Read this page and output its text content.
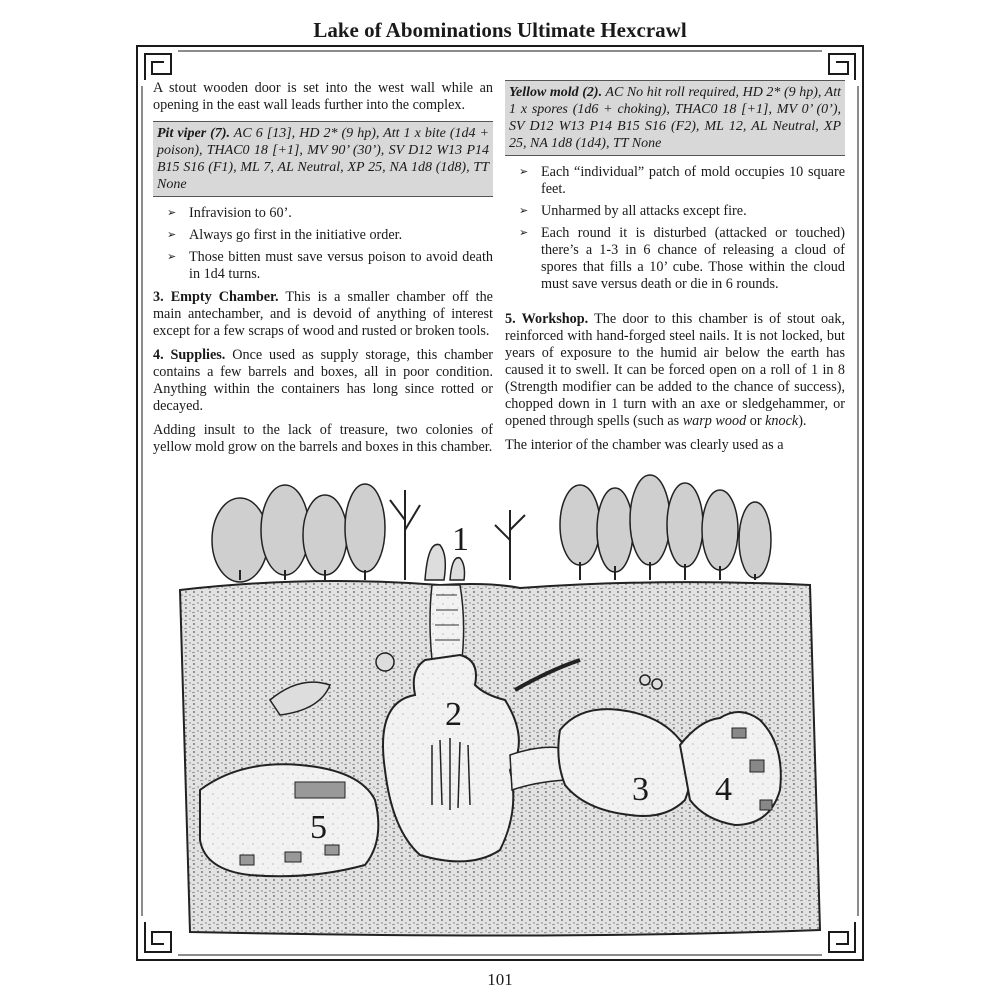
Lake of Abominations Ultimate Hexcrawl

A stout wooden door is set into the west wall while an opening in the east wall leads further into the complex.

Pit viper (7). AC 6 [13], HD 2* (9 hp), Att 1 x bite (1d4 + poison), THAC0 18 [+1], MV 90’ (30’), SV D12 W13 P14 B15 S16 (F1), ML 7, AL Neutral, XP 25, NA 1d8 (1d8), TT None
➢ Infravision to 60’.
➢ Always go first in the initiative order.
➢ Those bitten must save versus poison to avoid death in 1d4 turns.

3. Empty Chamber. This is a smaller chamber off the main antechamber, and is devoid of anything of interest except for a few scraps of wood and rusted or broken tools.

4. Supplies. Once used as supply storage, this chamber contains a few barrels and boxes, all in poor condition. Anything within the containers has long since rotted or decayed.

Adding insult to the lack of treasure, two colonies of yellow mold grow on the barrels and boxes in this chamber.

Yellow mold (2). AC No hit roll required, HD 2* (9 hp), Att 1 x spores (1d6 + choking), THAC0 18 [+1], MV 0’ (0’), SV D12 W13 P14 B15 S16 (F2), ML 12, AL Neutral, XP 25, NA 1d8 (1d4), TT None
➢ Each “individual” patch of mold occupies 10 square feet.
➢ Unharmed by all attacks except fire.
➢ Each round it is disturbed (attacked or touched) there’s a 1-3 in 6 chance of releasing a cloud of spores that fills a 10’ cube. Those within the cloud must save versus death or die in 6 rounds.

5. Workshop. The door to this chamber is of stout oak, reinforced with hand-forged steel nails. It is not locked, but years of exposure to the humid air below the earth has caused it to swell. It can be forced open on a roll of 1 in 8 (Strength modifier can be added to the chance of success), chopped down in 1 turn with an axe or sledgehammer, or opened through spells (such as warp wood or knock).

The interior of the chamber was clearly used as a

1
2
3 4
5
101
